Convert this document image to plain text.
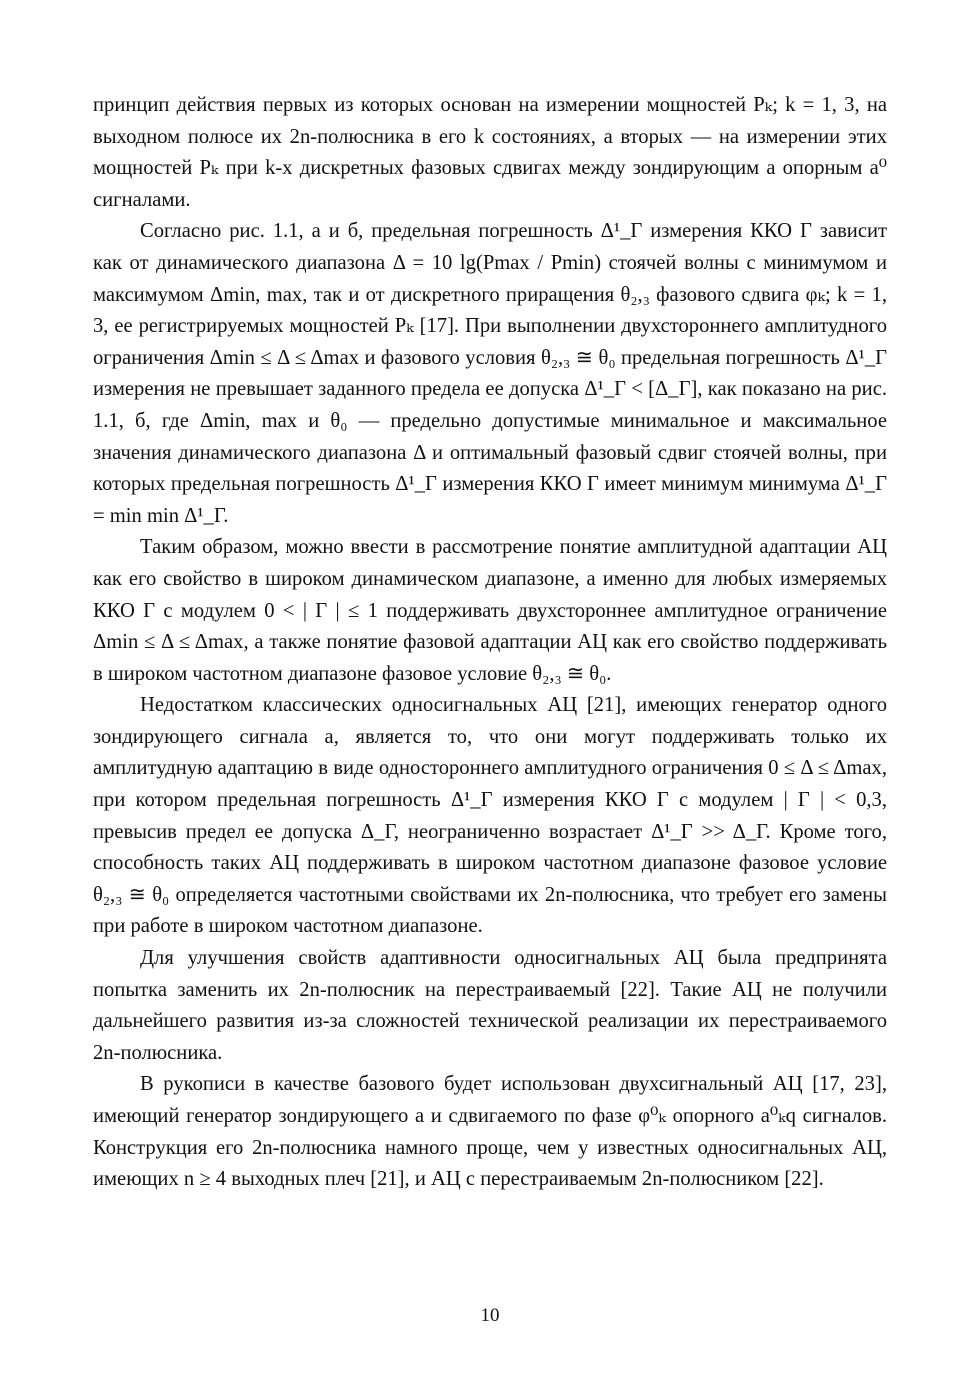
принцип действия первых из которых основан на измерении мощностей Pₖ; k = 1, 3, на выходном полюсе их 2n-полюсника в его k состояниях, а вторых — на измерении этих мощностей Pₖ при k-х дискретных фазовых сдвигах между зондирующим a опорным a⁰ сигналами.

Согласно рис. 1.1, а и б, предельная погрешность Δ¹_Γ измерения ККО Γ зависит как от динамического диапазона Δ = 10 lg(Pmax / Pmin) стоячей волны с минимумом и максимумом Δmin, max, так и от дискретного приращения θ₂,₃ фазового сдвига φₖ; k = 1, 3, ее регистрируемых мощностей Pₖ [17]. При выполнении двухстороннего амплитудного ограничения Δmin ≤ Δ ≤ Δmax и фазового условия θ₂,₃ ≅ θ₀ предельная погрешность Δ¹_Γ измерения не превышает заданного предела ее допуска Δ¹_Γ < [Δ_Γ], как показано на рис. 1.1, б, где Δmin, max и θ₀ — предельно допустимые минимальное и максимальное значения динамического диапазона Δ и оптимальный фазовый сдвиг стоячей волны, при которых предельная погрешность Δ¹_Γ измерения ККО Γ имеет минимум минимума Δ¹_Γ = min min Δ¹_Γ.

Таким образом, можно ввести в рассмотрение понятие амплитудной адаптации АЦ как его свойство в широком динамическом диапазоне, а именно для любых измеряемых ККО Γ с модулем 0 < | Γ | ≤ 1 поддерживать двухстороннее амплитудное ограничение Δmin ≤ Δ ≤ Δmax, а также понятие фазовой адаптации АЦ как его свойство поддерживать в широком частотном диапазоне фазовое условие θ₂,₃ ≅ θ₀.

Недостатком классических односигнальных АЦ [21], имеющих генератор одного зондирующего сигнала a, является то, что они могут поддерживать только их амплитудную адаптацию в виде одностороннего амплитудного ограничения 0 ≤ Δ ≤ Δmax, при котором предельная погрешность Δ¹_Γ измерения ККО Γ с модулем | Γ | < 0,3, превысив предел ее допуска Δ_Γ, неограниченно возрастает Δ¹_Γ >> Δ_Γ. Кроме того, способность таких АЦ поддерживать в широком частотном диапазоне фазовое условие θ₂,₃ ≅ θ₀ определяется частотными свойствами их 2n-полюсника, что требует его замены при работе в широком частотном диапазоне.

Для улучшения свойств адаптивности односигнальных АЦ была предпринята попытка заменить их 2n-полюсник на перестраиваемый [22]. Такие АЦ не получили дальнейшего развития из-за сложностей технической реализации их перестраиваемого 2n-полюсника.

В рукописи в качестве базового будет использован двухсигнальный АЦ [17, 23], имеющий генератор зондирующего a и сдвигаемого по фазе φ⁰ₖ опорного a⁰ₖq сигналов. Конструкция его 2n-полюсника намного проще, чем у известных односигнальных АЦ, имеющих n ≥ 4 выходных плеч [21], и АЦ с перестраиваемым 2n-полюсником [22].

10
